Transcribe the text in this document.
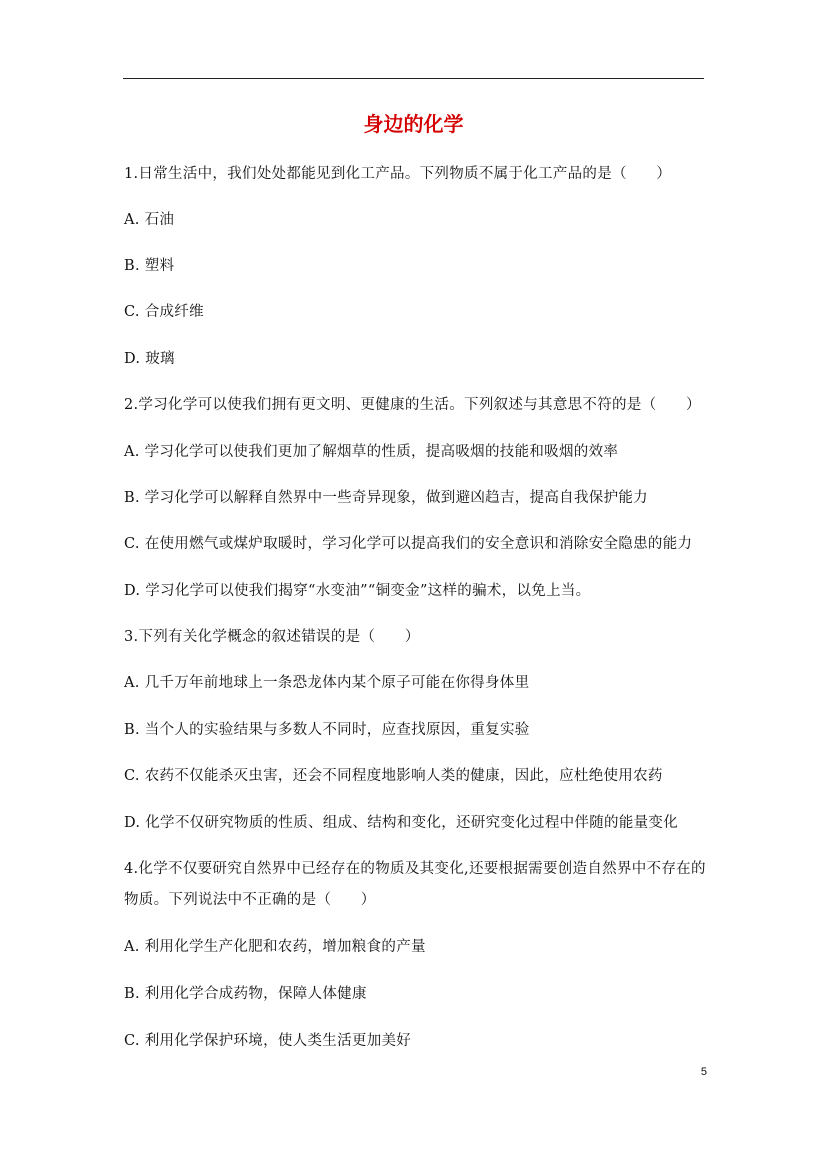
身边的化学
1.日常生活中，我们处处都能见到化工产品。下列物质不属于化工产品的是（　　）
A. 石油
B. 塑料
C. 合成纤维
D. 玻璃
2.学习化学可以使我们拥有更文明、更健康的生活。下列叙述与其意思不符的是（　　）
A. 学习化学可以使我们更加了解烟草的性质，提高吸烟的技能和吸烟的效率
B. 学习化学可以解释自然界中一些奇异现象，做到避凶趋吉，提高自我保护能力
C. 在使用燃气或煤炉取暖时，学习化学可以提高我们的安全意识和消除安全隐患的能力
D. 学习化学可以使我们揭穿“水变油”“铜变金”这样的骗术，以免上当。
3.下列有关化学概念的叙述错误的是（　　）
A. 几千万年前地球上一条恐龙体内某个原子可能在你得身体里
B. 当个人的实验结果与多数人不同时，应查找原因，重复实验
C. 农药不仅能杀灭虫害，还会不同程度地影响人类的健康，因此，应杜绝使用农药
D. 化学不仅研究物质的性质、组成、结构和变化，还研究变化过程中伴随的能量变化
4.化学不仅要研究自然界中已经存在的物质及其变化,还要根据需要创造自然界中不存在的
物质。下列说法中不正确的是（　　）
A. 利用化学生产化肥和农药，增加粮食的产量
B. 利用化学合成药物，保障人体健康
C. 利用化学保护环境，使人类生活更加美好
5
